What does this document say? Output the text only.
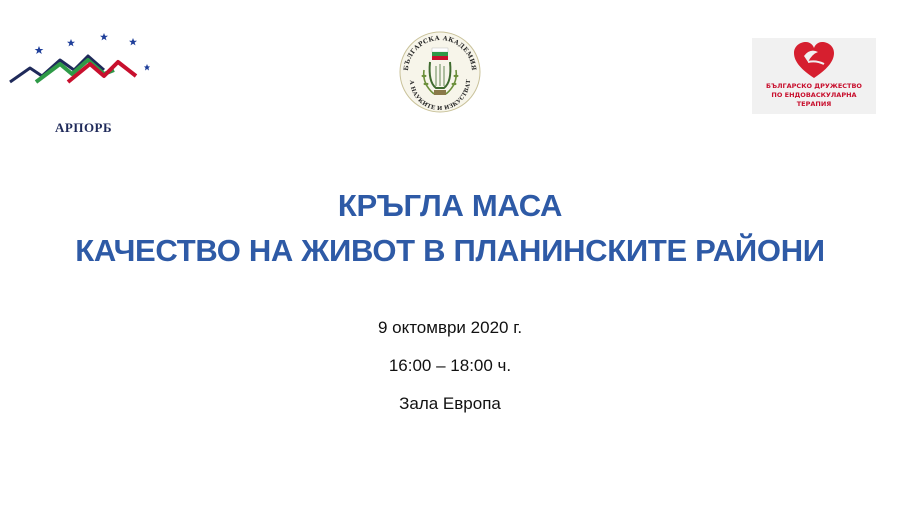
АРПОРБ
БЪЛГАРСКА АКАДЕМИЯ
А НАУКИТЕ И ИЗКУСТВАТ
БЪЛГАРСКО ДРУЖЕСТВО
ПО ЕНДОВАСКУЛАРНА
ТЕРАПИЯ
КРЪГЛА МАСА
КАЧЕСТВО НА ЖИВОТ В ПЛАНИНСКИТЕ РАЙОНИ
9 октомври 2020 г.
16:00 – 18:00 ч.
Зала Европа
